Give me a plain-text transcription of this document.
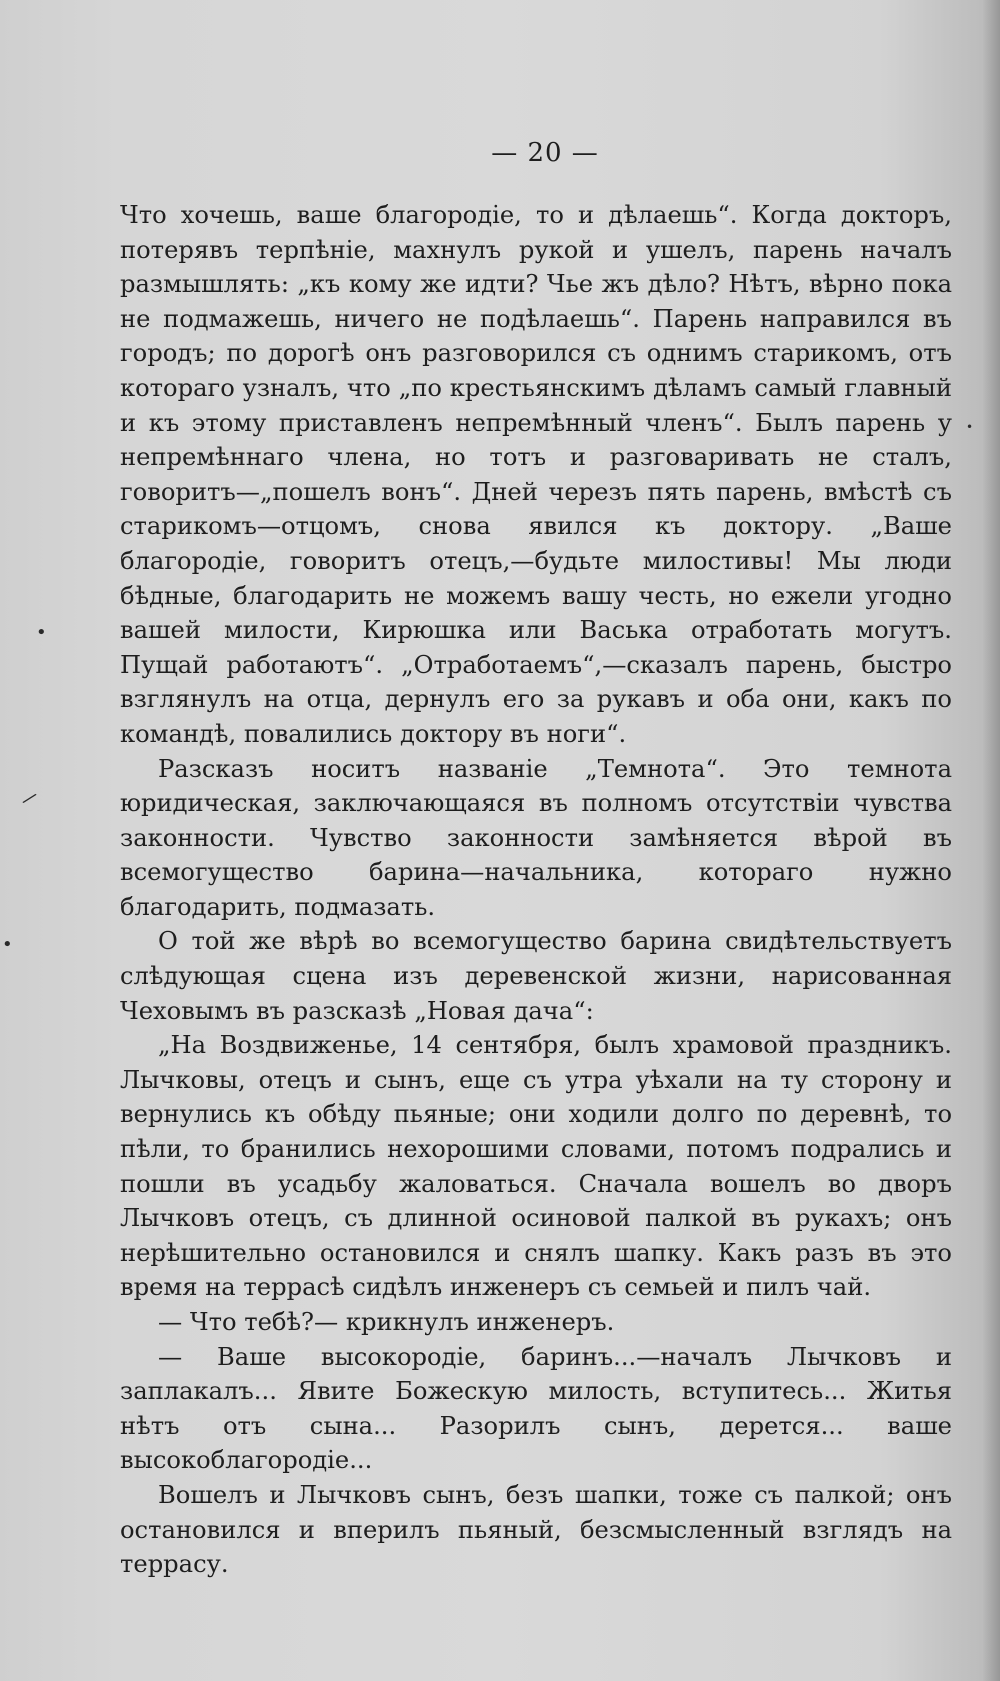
— 20 —

Что хочешь, ваше благородіе, то и дѣлаешь“. Когда докторъ, потерявъ терпѣніе, махнулъ рукой и ушелъ, парень началъ размышлять: „къ кому же идти? Чье жъ дѣло? Нѣтъ, вѣрно пока не подмажешь, ничего не подѣлаешь“. Парень направился въ городъ; по дорогѣ онъ разговорился съ однимъ старикомъ, отъ котораго узналъ, что „по крестьянскимъ дѣламъ самый главный и къ этому приставленъ непремѣнный членъ“. Былъ парень у непремѣннаго члена, но тотъ и разговаривать не сталъ, говоритъ—„пошелъ вонъ“. Дней черезъ пять парень, вмѣстѣ съ старикомъ—отцомъ, снова явился къ доктору. „Ваше благородіе, говоритъ отецъ,—будьте милостивы! Мы люди бѣдные, благодарить не можемъ вашу честь, но ежели угодно вашей милости, Кирюшка или Васька отработать могутъ. Пущай работаютъ“. „Отработаемъ“,—сказалъ парень, быстро взглянулъ на отца, дернулъ его за рукавъ и оба они, какъ по командѣ, повалились доктору въ ноги“.

Разсказъ носитъ названіе „Темнота“. Это темнота юридическая, заключающаяся въ полномъ отсутствіи чувства законности. Чувство законности замѣняется вѣрой въ всемогущество барина—начальника, котораго нужно благодарить, подмазать.

О той же вѣрѣ во всемогущество барина свидѣтельствуетъ слѣдующая сцена изъ деревенской жизни, нарисованная Чеховымъ въ разсказѣ „Новая дача“:

„На Воздвиженье, 14 сентября, былъ храмовой праздникъ. Лычковы, отецъ и сынъ, еще съ утра уѣхали на ту сторону и вернулись къ обѣду пьяные; они ходили долго по деревнѣ, то пѣли, то бранились нехорошими словами, потомъ подрались и пошли въ усадьбу жаловаться. Сначала вошелъ во дворъ Лычковъ отецъ, съ длинной осиновой палкой въ рукахъ; онъ нерѣшительно остановился и снялъ шапку. Какъ разъ въ это время на террасѣ сидѣлъ инженеръ съ семьей и пилъ чай.

— Что тебѣ?— крикнулъ инженеръ.

— Ваше высокородіе, баринъ...—началъ Лычковъ и заплакалъ... Явите Божескую милость, вступитесь... Житья нѣтъ отъ сына... Разорилъ сынъ, дерется... ваше высокоблагородіе...

Вошелъ и Лычковъ сынъ, безъ шапки, тоже съ палкой; онъ остановился и вперилъ пьяный, безсмысленный взглядъ на террасу.

•
/
•
•
